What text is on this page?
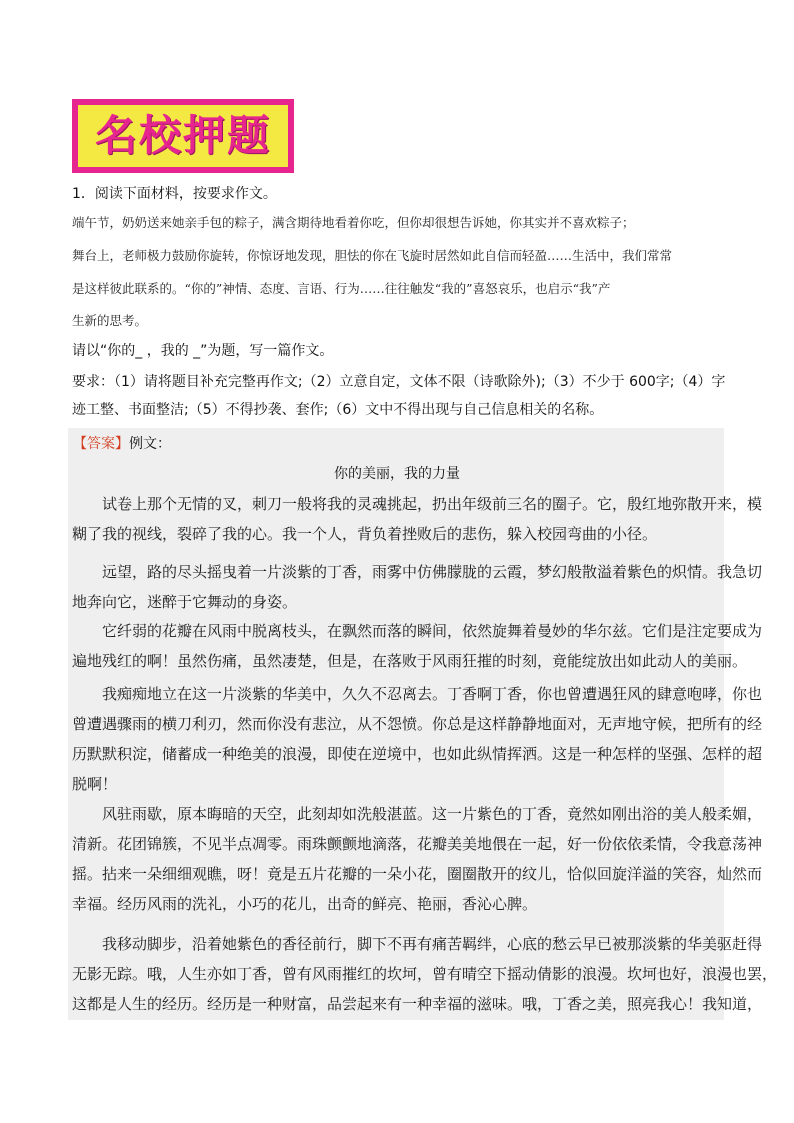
名校押题
1．阅读下面材料，按要求作文。
端午节，奶奶送来她亲手包的粽子，满含期待地看着你吃，但你却很想告诉她，你其实并不喜欢粽子；
舞台上，老师极力鼓励你旋转，你惊讶地发现，胆怯的你在飞旋时居然如此自信而轻盈……生活中，我们常常
是这样彼此联系的。“你的”神情、态度、言语、行为……往往触发“我的”喜怒哀乐，也启示“我”产
生新的思考。
请以“你的_ ，我的 _”为题，写一篇作文。
要求：（1）请将题目补充完整再作文;（2）立意自定，文体不限（诗歌除外);（3）不少于 600字;（4）字
迹工整、书面整洁;（5）不得抄袭、套作;（6）文中不得出现与自己信息相关的名称。
【答案】例文：
你的美丽，我的力量
　　试卷上那个无情的叉，刺刀一般将我的灵魂挑起，扔出年级前三名的圈子。它，殷红地弥散开来，模
糊了我的视线，裂碎了我的心。我一个人，背负着挫败后的悲伤，躲入校园弯曲的小径。
　　远望，路的尽头摇曳着一片淡紫的丁香，雨雾中仿佛朦胧的云霞，梦幻般散溢着紫色的炽情。我急切
地奔向它，迷醉于它舞动的身姿。
　　它纤弱的花瓣在风雨中脱离枝头，在飘然而落的瞬间，依然旋舞着曼妙的华尔兹。它们是注定要成为
遍地残红的啊！虽然伤痛，虽然凄楚，但是，在落败于风雨狂摧的时刻，竟能绽放出如此动人的美丽。
　　我痴痴地立在这一片淡紫的华美中，久久不忍离去。丁香啊丁香，你也曾遭遇狂风的肆意咆哮，你也
曾遭遇骤雨的横刀利刃，然而你没有悲泣，从不怨愤。你总是这样静静地面对，无声地守候，把所有的经
历默默积淀，储蓄成一种绝美的浪漫，即使在逆境中，也如此纵情挥洒。这是一种怎样的坚强、怎样的超
脱啊！
　　风驻雨歇，原本晦暗的天空，此刻却如洗般湛蓝。这一片紫色的丁香，竟然如刚出浴的美人般柔媚，
清新。花团锦簇，不见半点凋零。雨珠颤颤地滴落，花瓣美美地偎在一起，好一份依依柔情，令我意荡神
摇。拈来一朵细细观瞧，呀！竟是五片花瓣的一朵小花，圈圈散开的纹儿，恰似回旋洋溢的笑容，灿然而
幸福。经历风雨的洗礼，小巧的花儿，出奇的鲜亮、艳丽，香沁心脾。
　　我移动脚步，沿着她紫色的香径前行，脚下不再有痛苦羁绊，心底的愁云早已被那淡紫的华美驱赶得
无影无踪。哦，人生亦如丁香，曾有风雨摧红的坎坷，曾有晴空下摇动倩影的浪漫。坎坷也好，浪漫也罢，
这都是人生的经历。经历是一种财富，品尝起来有一种幸福的滋味。哦，丁香之美，照亮我心！我知道，
